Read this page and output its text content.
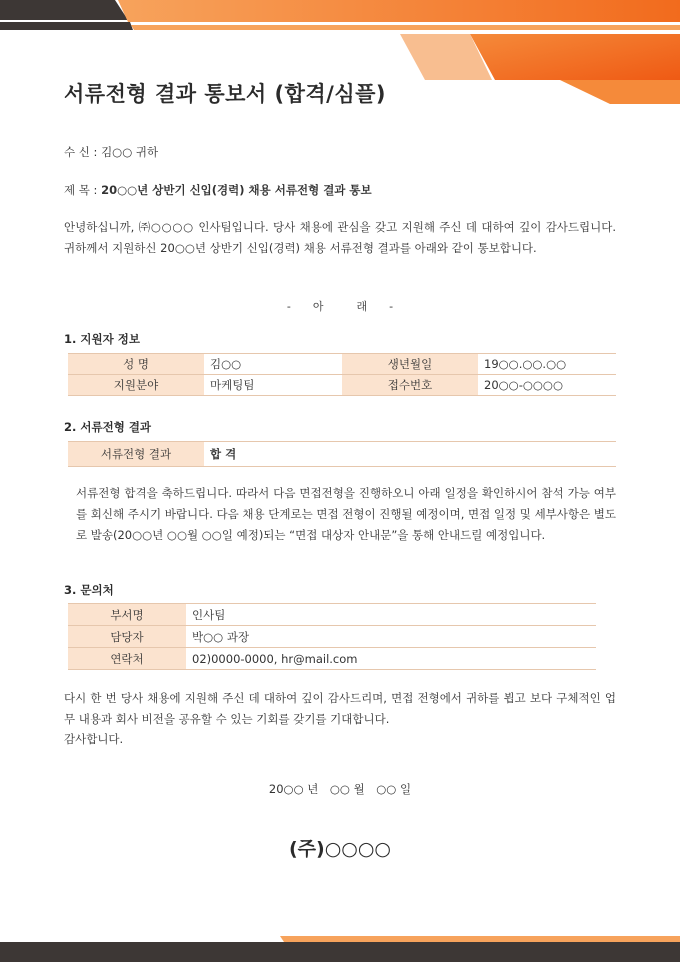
서류전형 결과 통보서 (합격/심플)
수 신 : 김○○ 귀하
제 목 : 20○○년 상반기 신입(경력) 채용 서류전형 결과 통보
안녕하십니까, ㈜○○○○ 인사팀입니다. 당사 채용에 관심을 갖고 지원해 주신 데 대하여 깊이 감사드립니다. 귀하께서 지원하신 20○○년 상반기 신입(경력) 채용 서류전형 결과를 아래와 같이 통보합니다.
-　　아　　　래　　-
1. 지원자 정보
성 명	김○○	생년월일	19○○.○○.○○
지원분야	마케팅팀	접수번호	20○○-○○○○
2. 서류전형 결과
서류전형 결과	합 격
서류전형 합격을 축하드립니다. 따라서 다음 면접전형을 진행하오니 아래 일정을 확인하시어 참석 가능 여부를 회신해 주시기 바랍니다. 다음 채용 단계로는 면접 전형이 진행될 예정이며, 면접 일정 및 세부사항은 별도로 발송(20○○년 ○○월 ○○일 예정)되는 “면접 대상자 안내문”을 통해 안내드릴 예정입니다.
3. 문의처
부서명	인사팀
담당자	박○○ 과장
연락처	02)0000-0000, hr@mail.com
다시 한 번 당사 채용에 지원해 주신 데 대하여 깊이 감사드리며, 면접 전형에서 귀하를 뵙고 보다 구체적인 업무 내용과 회사 비전을 공유할 수 있는 기회를 갖기를 기대합니다.
감사합니다.
20○○ 년　○○ 월　○○ 일
(주)○○○○
